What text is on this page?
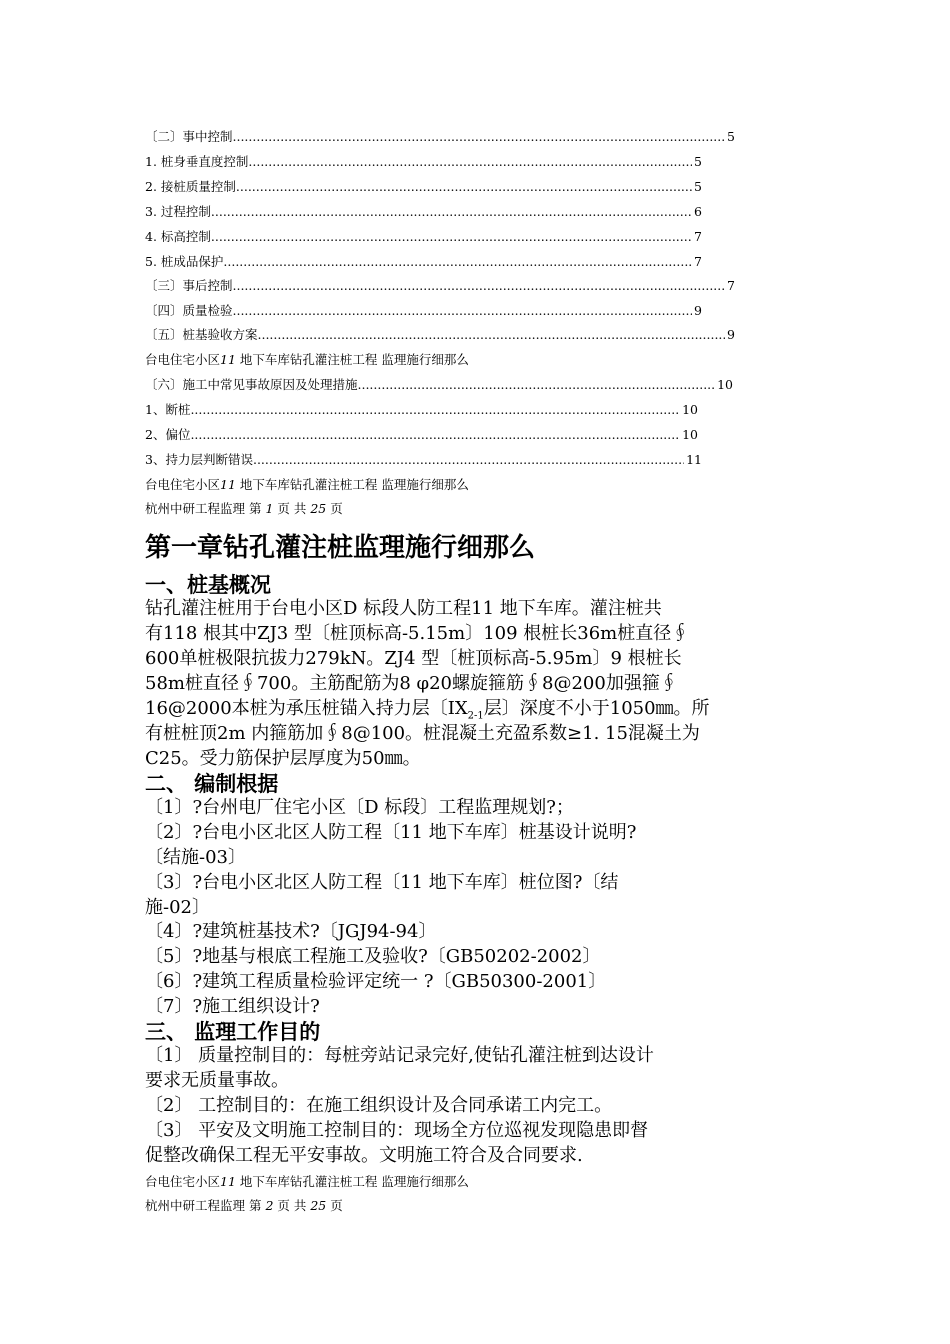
〔二〕事中控制 .....	5
1. 桩身垂直度控制 .....	5
2. 接桩质量控制 .....	5
3. 过程控制 .....	6
4. 标高控制 .....	7
5. 桩成品保护 .....	7
〔三〕事后控制 .....	7
〔四〕质量检验 .....	9
〔五〕桩基验收方案 .....	9
台电住宅小区11 地下车库钻孔灌注桩工程 监理施行细那么
〔六〕施工中常见事故原因及处理措施 .....	10
1、断桩 .....	10
2、偏位 .....	10
3、持力层判断错误 .....	11
台电住宅小区11 地下车库钻孔灌注桩工程 监理施行细那么
杭州中研工程监理 第 1 页 共 25 页
第一章钻孔灌注桩监理施行细那么
一、桩基概况
钻孔灌注桩用于台电小区D 标段人防工程11 地下车库。灌注桩共
有118 根其中ZJ3 型〔桩顶标高-5.15m〕109 根桩长36m桩直径∮
600单桩极限抗拔力279kN。ZJ4 型〔桩顶标高-5.95m〕9 根桩长
58m桩直径∮700。主筋配筋为8 φ20螺旋箍筋∮8@200加强箍∮
16@2000本桩为承压桩锚入持力层〔$IX_{2-1}$层〕深度不小于1050㎜。所
有桩桩顶2m 内箍筋加∮8@100。桩混凝土充盈系数≥1. 15混凝土为
C25。受力筋保护层厚度为50㎜。
二、 编制根据
〔1〕?台州电厂住宅小区〔D 标段〕工程监理规划?；
〔2〕?台电小区北区人防工程〔11 地下车库〕桩基设计说明?
〔结施-03〕
〔3〕?台电小区北区人防工程〔11 地下车库〕桩位图?〔结
施-02〕
〔4〕?建筑桩基技术?〔JGJ94-94〕
〔5〕?地基与根底工程施工及验收?〔GB50202-2002〕
〔6〕?建筑工程质量检验评定统一 ?〔GB50300-2001〕
〔7〕?施工组织设计?
三、 监理工作目的
〔1〕 质量控制目的：每桩旁站记录完好,使钻孔灌注桩到达设计
要求无质量事故。
〔2〕 工控制目的：在施工组织设计及合同承诺工内完工。
〔3〕 平安及文明施工控制目的：现场全方位巡视发现隐患即督
促整改确保工程无平安事故。文明施工符合及合同要求.
台电住宅小区11 地下车库钻孔灌注桩工程 监理施行细那么
杭州中研工程监理 第 2 页 共 25 页
